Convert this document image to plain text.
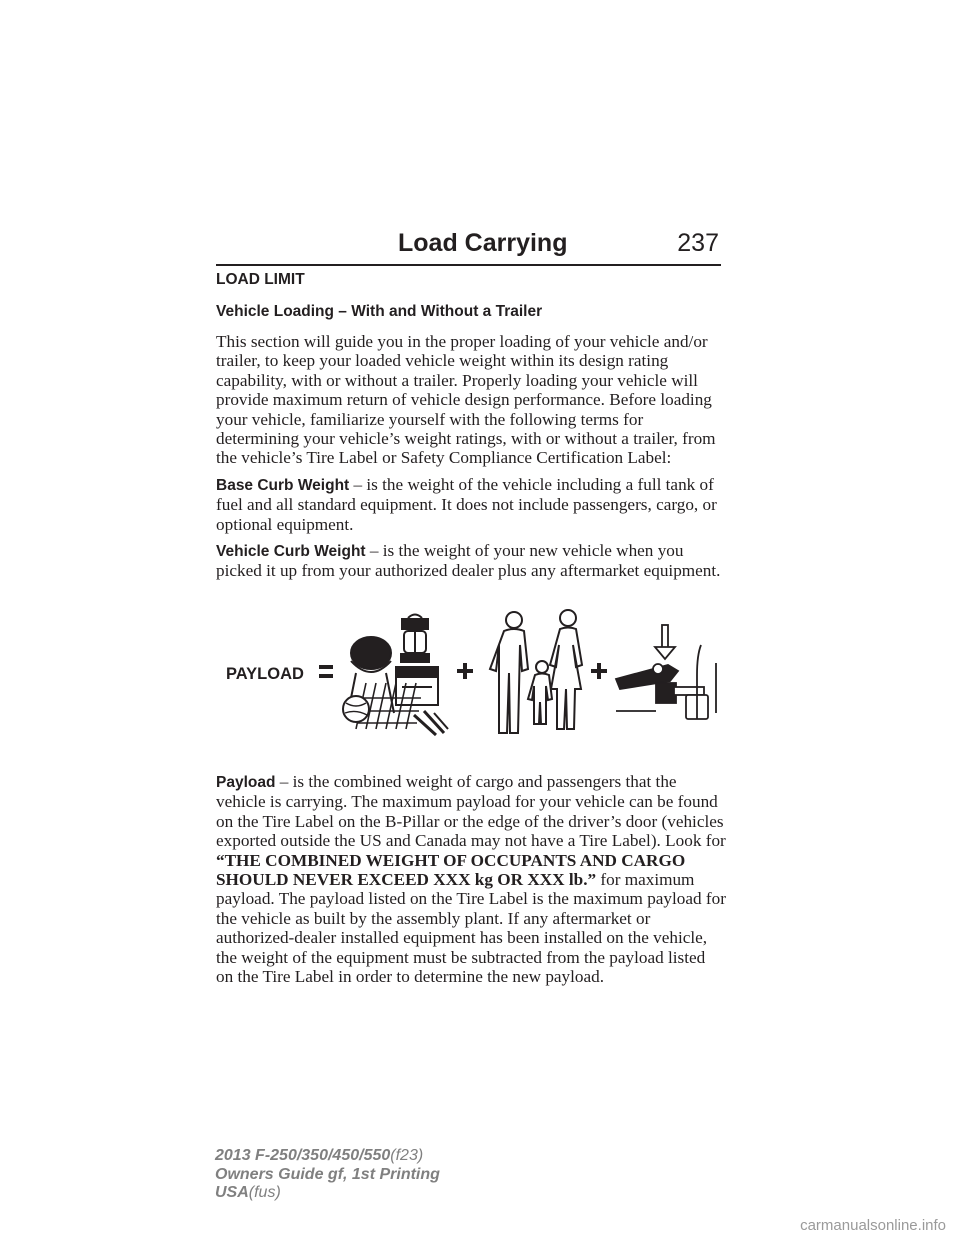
Load Carrying	237
LOAD LIMIT
Vehicle Loading – With and Without a Trailer

This section will guide you in the proper loading of your vehicle and/or trailer, to keep your loaded vehicle weight within its design rating capability, with or without a trailer. Properly loading your vehicle will provide maximum return of vehicle design performance. Before loading your vehicle, familiarize yourself with the following terms for determining your vehicle’s weight ratings, with or without a trailer, from the vehicle’s Tire Label or Safety Compliance Certification Label:

Base Curb Weight – is the weight of the vehicle including a full tank of fuel and all standard equipment. It does not include passengers, cargo, or optional equipment.

Vehicle Curb Weight – is the weight of your new vehicle when you picked it up from your authorized dealer plus any aftermarket equipment.

PAYLOAD

Payload – is the combined weight of cargo and passengers that the vehicle is carrying. The maximum payload for your vehicle can be found on the Tire Label on the B-Pillar or the edge of the driver’s door (vehicles exported outside the US and Canada may not have a Tire Label). Look for “THE COMBINED WEIGHT OF OCCUPANTS AND CARGO SHOULD NEVER EXCEED XXX kg OR XXX lb.” for maximum payload. The payload listed on the Tire Label is the maximum payload for the vehicle as built by the assembly plant. If any aftermarket or authorized-dealer installed equipment has been installed on the vehicle, the weight of the equipment must be subtracted from the payload listed on the Tire Label in order to determine the new payload.

2013 F-250/350/450/550(f23)
Owners Guide gf, 1st Printing
USA(fus)
carmanualsonline.info
